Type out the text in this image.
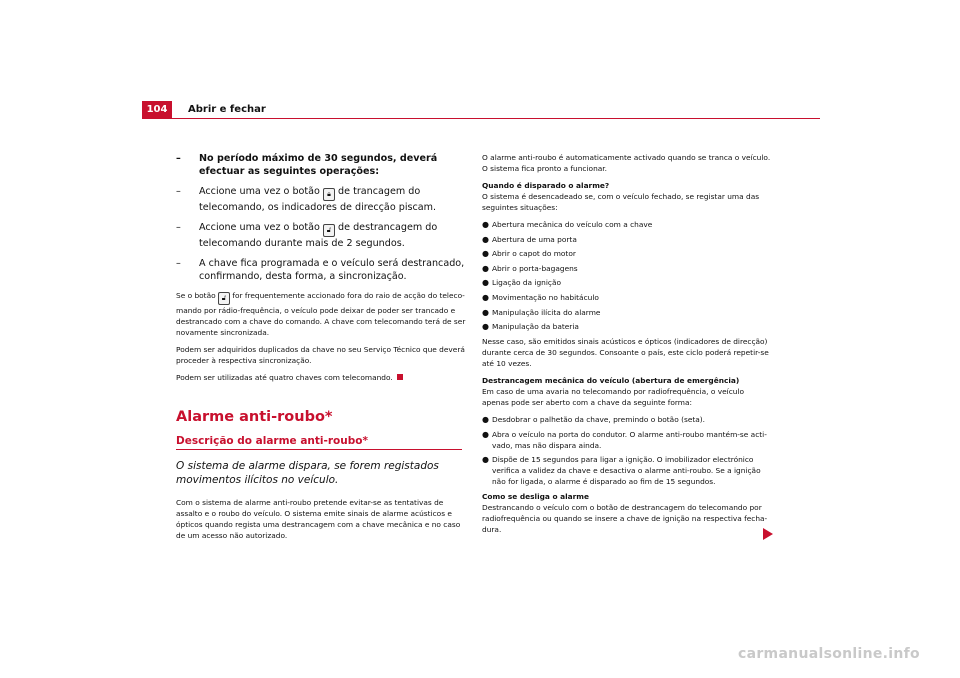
104	Abrir e fechar
– No período máximo de 30 segundos, deverá efectuar as seguintes operações:
– Accione uma vez o botão 🔒︎ de trancagem do telecomando, os indicadores de direcção piscam.
– Accione uma vez o botão 🔓︎ de destrancagem do telecomando durante mais de 2 segundos.
– A chave fica programada e o veículo será destrancado, confirmando, desta forma, a sincronização.

Se o botão 🔓︎ for frequentemente accionado fora do raio de acção do telecomando por rádio-frequência, o veículo pode deixar de poder ser trancado e destrancado com a chave do comando. A chave com telecomando terá de ser novamente sincronizada.

Podem ser adquiridos duplicados da chave no seu Serviço Técnico que deverá proceder à respectiva sincronização.

Podem ser utilizadas até quatro chaves com telecomando.

Alarme anti-roubo*
Descrição do alarme anti-roubo*
O sistema de alarme dispara, se forem registados movimentos ilícitos no veículo.

Com o sistema de alarme anti-roubo pretende evitar-se as tentativas de assalto e o roubo do veículo. O sistema emite sinais de alarme acústicos e ópticos quando regista uma destrancagem com a chave mecânica e no caso de um acesso não autorizado.

O alarme anti-roubo é automaticamente activado quando se tranca o veículo. O sistema fica pronto a funcionar.

Quando é disparado o alarme?

O sistema é desencadeado se, com o veículo fechado, se registar uma das seguintes situações:

● Abertura mecânica do veículo com a chave
● Abertura de uma porta
● Abrir o capot do motor
● Abrir o porta-bagagens
● Ligação da ignição
● Movimentação no habitáculo
● Manipulação ilícita do alarme
● Manipulação da bateria

Nesse caso, são emitidos sinais acústicos e ópticos (indicadores de direcção) durante cerca de 30 segundos. Consoante o país, este ciclo poderá repetir-se até 10 vezes.

Destrancagem mecânica do veículo (abertura de emergência)

Em caso de uma avaria no telecomando por radiofrequência, o veículo apenas pode ser aberto com a chave da seguinte forma:

● Desdobrar o palhetão da chave, premindo o botão (seta).
● Abra o veículo na porta do condutor. O alarme anti-roubo mantém-se activado, mas não dispara ainda.
● Dispõe de 15 segundos para ligar a ignição. O imobilizador electrónico verifica a validez da chave e desactiva o alarme anti-roubo. Se a ignição não for ligada, o alarme é disparado ao fim de 15 segundos.

Como se desliga o alarme

Destrancando o veículo com o botão de destrancagem do telecomando por radiofrequência ou quando se insere a chave de ignição na respectiva fechadura.

carmanualsonline.info
